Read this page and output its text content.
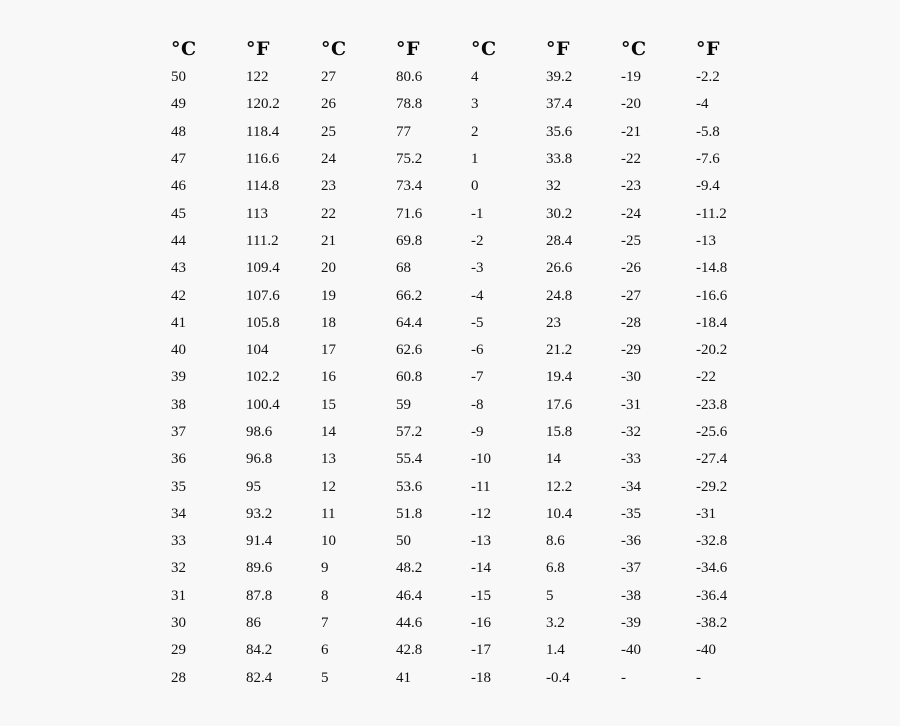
°C	°F	°C	°F	°C	°F	°C	°F
50	122	27	80.6	4	39.2	-19	-2.2
49	120.2	26	78.8	3	37.4	-20	-4
48	118.4	25	77	2	35.6	-21	-5.8
47	116.6	24	75.2	1	33.8	-22	-7.6
46	114.8	23	73.4	0	32	-23	-9.4
45	113	22	71.6	-1	30.2	-24	-11.2
44	111.2	21	69.8	-2	28.4	-25	-13
43	109.4	20	68	-3	26.6	-26	-14.8
42	107.6	19	66.2	-4	24.8	-27	-16.6
41	105.8	18	64.4	-5	23	-28	-18.4
40	104	17	62.6	-6	21.2	-29	-20.2
39	102.2	16	60.8	-7	19.4	-30	-22
38	100.4	15	59	-8	17.6	-31	-23.8
37	98.6	14	57.2	-9	15.8	-32	-25.6
36	96.8	13	55.4	-10	14	-33	-27.4
35	95	12	53.6	-11	12.2	-34	-29.2
34	93.2	11	51.8	-12	10.4	-35	-31
33	91.4	10	50	-13	8.6	-36	-32.8
32	89.6	9	48.2	-14	6.8	-37	-34.6
31	87.8	8	46.4	-15	5	-38	-36.4
30	86	7	44.6	-16	3.2	-39	-38.2
29	84.2	6	42.8	-17	1.4	-40	-40
28	82.4	5	41	-18	-0.4	-	-
